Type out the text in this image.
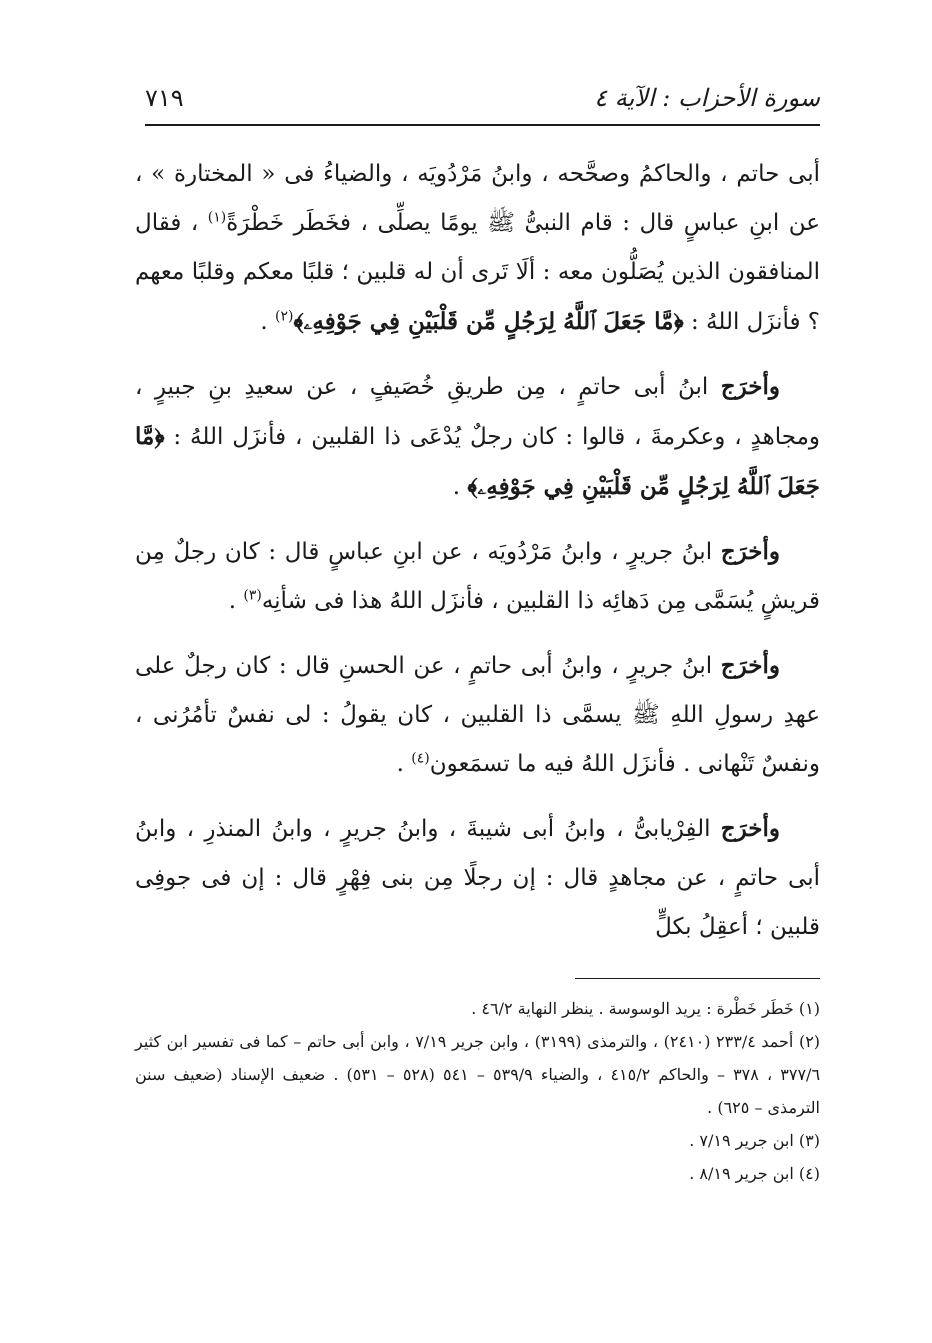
سورة الأحزاب : الآية ٤
٧١٩

أبى حاتم ، والحاكمُ وصحَّحه ، وابنُ مَرْدُويَه ، والضياءُ فى « المختارة » ، عن ابنِ عباسٍ قال : قام النبىُّ ﷺ يومًا يصلِّى ، فخَطَر خَطْرَةً$^{(١)}$ ، فقال المنافقون الذين يُصَلُّون معه : ألَا تَرى أن له قلبين ؛ قلبًا معكم وقلبًا معهم ؟ فأنزَل اللهُ : ﴿مَّا جَعَلَ ٱللَّهُ لِرَجُلٍ مِّن قَلْبَيْنِ فِي جَوْفِهِۦ﴾$^{(٢)}$ .

وأخرَج ابنُ أبى حاتمٍ ، مِن طريقِ خُصَيفٍ ، عن سعيدِ بنِ جبيرٍ ، ومجاهدٍ ، وعكرمةَ ، قالوا : كان رجلٌ يُدْعَى ذا القلبين ، فأنزَل اللهُ : ﴿مَّا جَعَلَ ٱللَّهُ لِرَجُلٍ مِّن قَلْبَيْنِ فِي جَوْفِهِۦ﴾ .

وأخرَج ابنُ جريرٍ ، وابنُ مَرْدُويَه ، عن ابنِ عباسٍ قال : كان رجلٌ مِن قريشٍ يُسَمَّى مِن دَهائِه ذا القلبين ، فأنزَل اللهُ هذا فى شأنِه$^{(٣)}$ .

وأخرَج ابنُ جريرٍ ، وابنُ أبى حاتمٍ ، عن الحسنِ قال : كان رجلٌ على عهدِ رسولِ اللهِ ﷺ يسمَّى ذا القلبين ، كان يقولُ : لى نفسٌ تأمُرُنى ، ونفسٌ تَنْهانى . فأنزَل اللهُ فيه ما تسمَعون$^{(٤)}$ .

وأخرَج الفِرْيابىُّ ، وابنُ أبى شيبةَ ، وابنُ جريرٍ ، وابنُ المنذرِ ، وابنُ أبى حاتمٍ ، عن مجاهدٍ قال : إن رجلًا مِن بنى فِهْرٍ قال : إن فى جوفِى قلبين ؛ أعقِلُ بكلٍّ

(١) خَطَر خَطْرة : يريد الوسوسة . ينظر النهاية ٤٦/٢ .

(٢) أحمد ٢٣٣/٤ (٢٤١٠) ، والترمذى (٣١٩٩) ، وابن جرير ٧/١٩ ، وابن أبى حاتم – كما فى تفسير ابن كثير ٣٧٧/٦ ، ٣٧٨ – والحاكم ٤١٥/٢ ، والضياء ٥٣٩/٩ – ٥٤١ (٥٢٨ – ٥٣١) . ضعيف الإسناد (ضعيف سنن الترمذى – ٦٢٥) .

(٣) ابن جرير ٧/١٩ .

(٤) ابن جرير ٨/١٩ .
